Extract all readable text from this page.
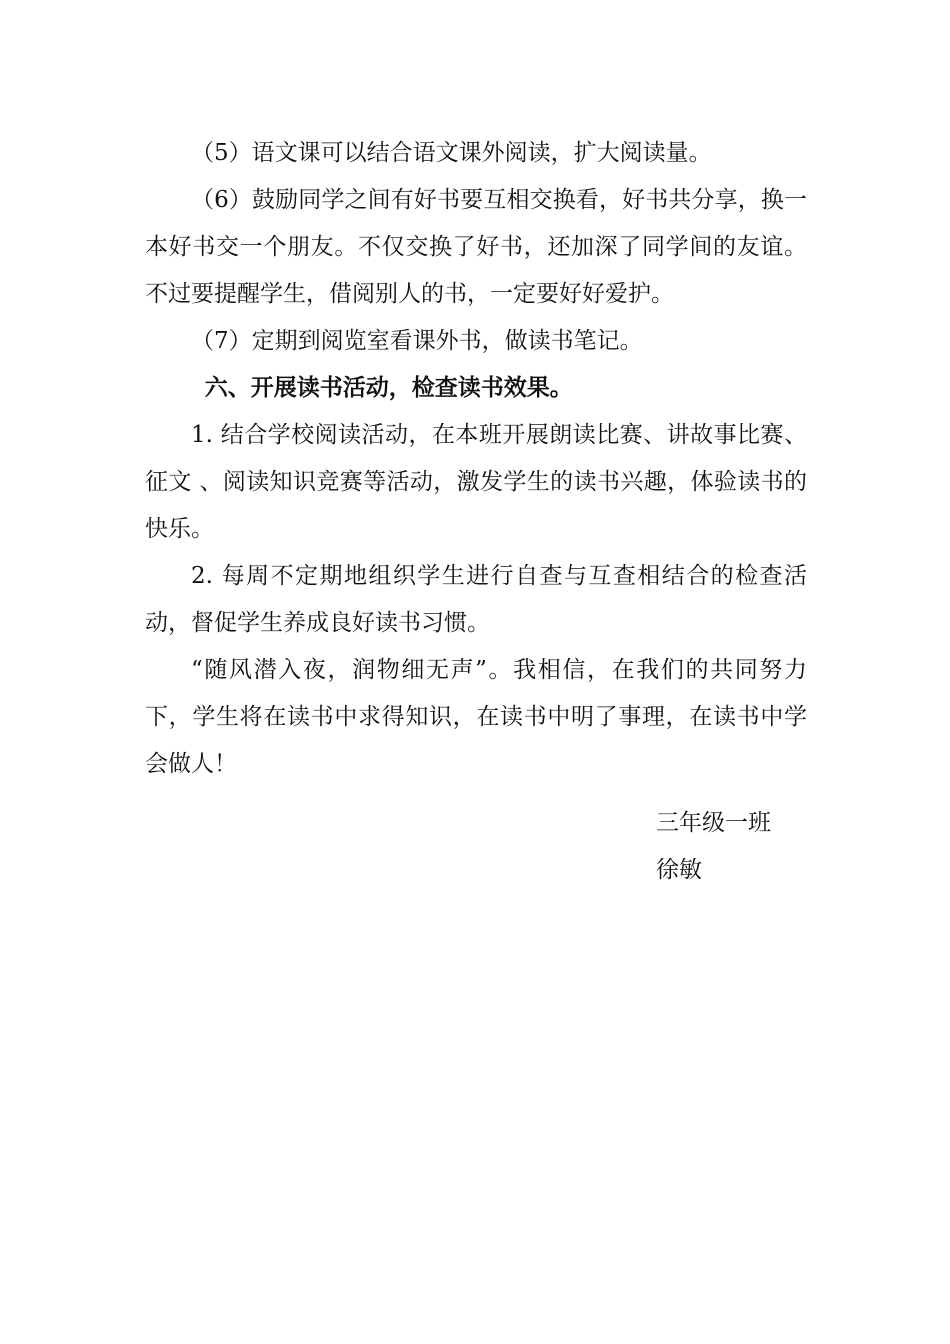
（5）语文课可以结合语文课外阅读，扩大阅读量。

（6）鼓励同学之间有好书要互相交换看，好书共分享，换一本好书交一个朋友。不仅交换了好书，还加深了同学间的友谊。不过要提醒学生，借阅别人的书，一定要好好爱护。

（7）定期到阅览室看课外书，做读书笔记。

六、开展读书活动，检查读书效果。

1. 结合学校阅读活动，在本班开展朗读比赛、讲故事比赛、 征文 、阅读知识竞赛等活动，激发学生的读书兴趣，体验读书的快乐。

2. 每周不定期地组织学生进行自查与互查相结合的检查活动，督促学生养成良好读书习惯。

“随风潜入夜，润物细无声”。我相信，在我们的共同努力下，学生将在读书中求得知识，在读书中明了事理，在读书中学会做人！

三年级一班
徐敏
